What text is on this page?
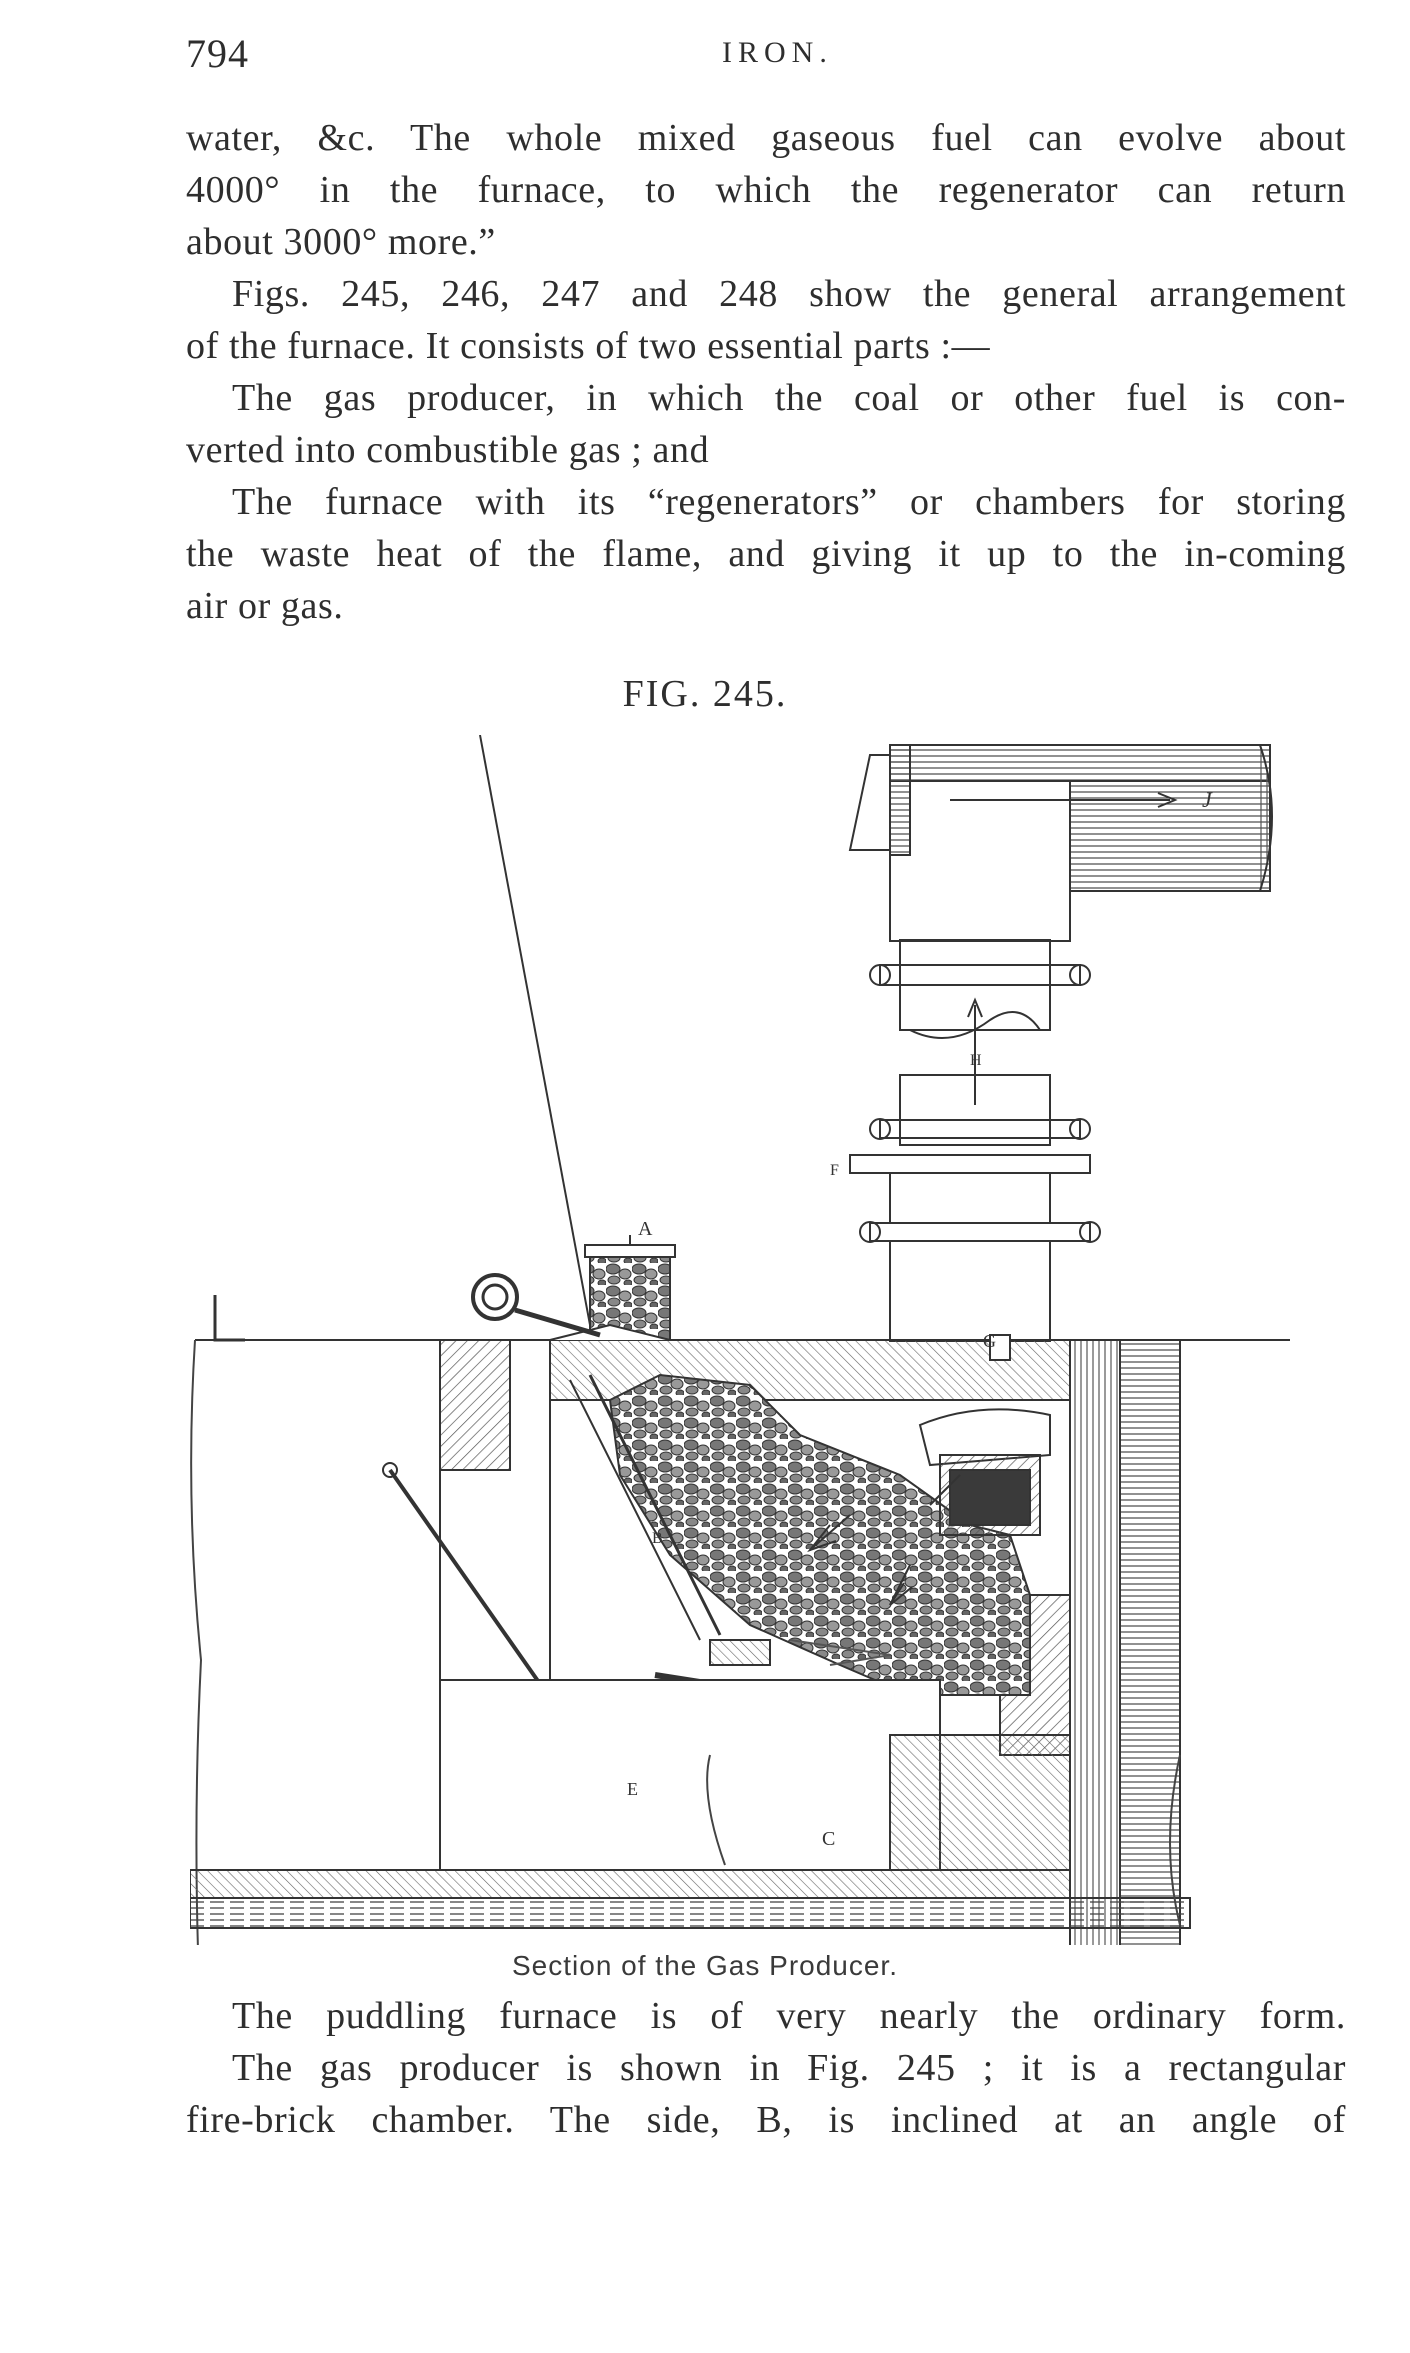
794	IRON.
water, &c. The whole mixed gaseous fuel can evolve about
4000° in the furnace, to which the regenerator can return
about 3000° more.”
Figs. 245, 246, 247 and 248 show the general arrangement
of the furnace. It consists of two essential parts :—
The gas producer, in which the coal or other fuel is con-
verted into combustible gas ; and
The furnace with its “regenerators” or chambers for storing
the waste heat of the flame, and giving it up to the in-coming
air or gas.
FIG. 245.
A
B
C
E
F
G
H
J
Section of the Gas Producer.
The puddling furnace is of very nearly the ordinary form.
The gas producer is shown in Fig. 245 ; it is a rectangular
fire-brick chamber. The side, B, is inclined at an angle of
